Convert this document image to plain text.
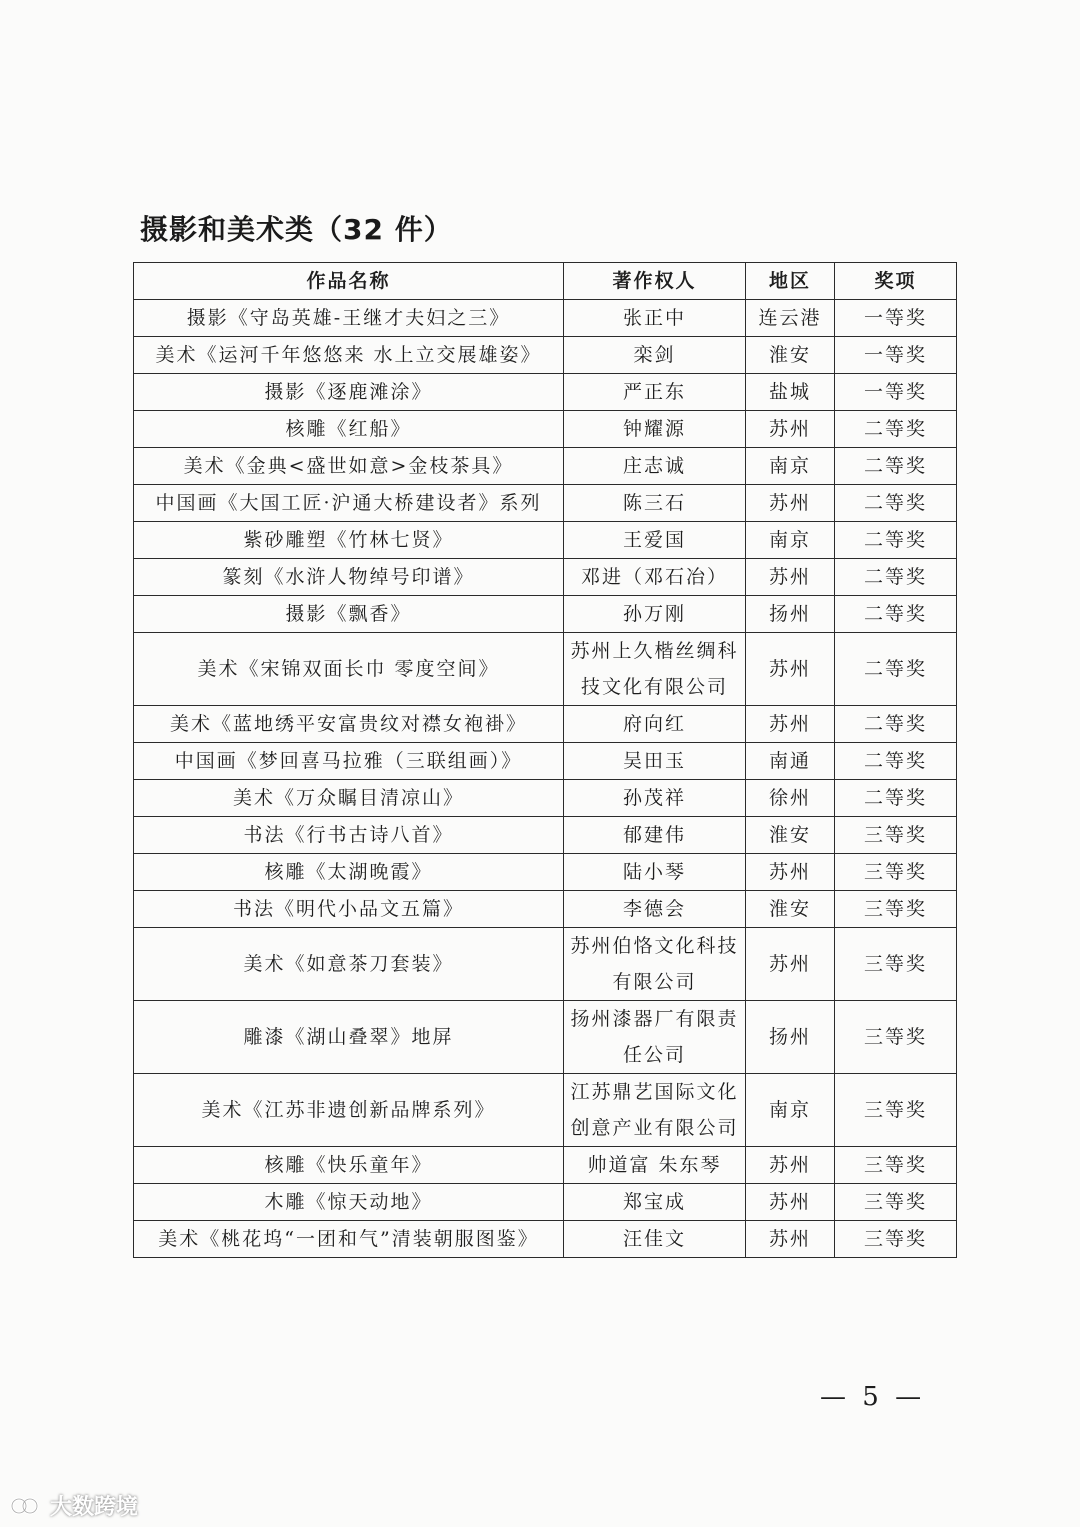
摄影和美术类（32 件）
作品名称	著作权人	地区	奖项
摄影《守岛英雄-王继才夫妇之三》	张正中	连云港	一等奖
美术《运河千年悠悠来 水上立交展雄姿》	栾剑	淮安	一等奖
摄影《逐鹿滩涂》	严正东	盐城	一等奖
核雕《红船》	钟耀源	苏州	二等奖
美术《金典<盛世如意>金枝茶具》	庄志诚	南京	二等奖
中国画《大国工匠·沪通大桥建设者》系列	陈三石	苏州	二等奖
紫砂雕塑《竹林七贤》	王爱国	南京	二等奖
篆刻《水浒人物绰号印谱》	邓进（邓石冶）	苏州	二等奖
摄影《飘香》	孙万刚	扬州	二等奖
美术《宋锦双面长巾 零度空间》	苏州上久楷丝绸科技文化有限公司	苏州	二等奖
美术《蓝地绣平安富贵纹对襟女袍褂》	府向红	苏州	二等奖
中国画《梦回喜马拉雅（三联组画）》	吴田玉	南通	二等奖
美术《万众瞩目清凉山》	孙茂祥	徐州	二等奖
书法《行书古诗八首》	郁建伟	淮安	三等奖
核雕《太湖晚霞》	陆小琴	苏州	三等奖
书法《明代小品文五篇》	李德会	淮安	三等奖
美术《如意茶刀套装》	苏州伯恪文化科技有限公司	苏州	三等奖
雕漆《湖山叠翠》地屏	扬州漆器厂有限责任公司	扬州	三等奖
美术《江苏非遗创新品牌系列》	江苏鼎艺国际文化创意产业有限公司	南京	三等奖
核雕《快乐童年》	帅道富 朱东琴	苏州	三等奖
木雕《惊天动地》	郑宝成	苏州	三等奖
美术《桃花坞“一团和气”清装朝服图鉴》	汪佳文	苏州	三等奖
— 5 —
大数跨境
